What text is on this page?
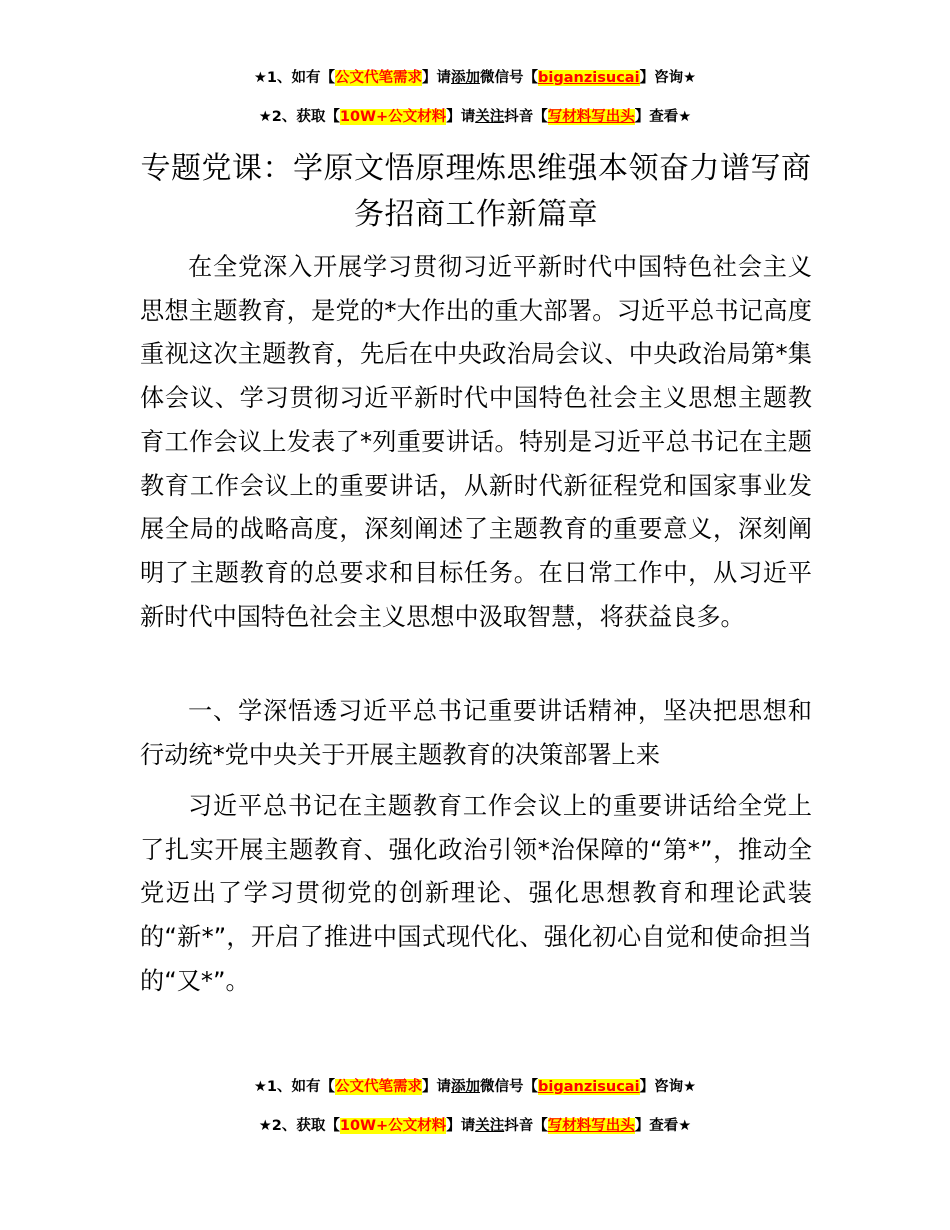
★1、如有【公文代笔需求】请添加微信号【biganzisucai】咨询★
★2、获取【10W+公文材料】请关注抖音【写材料写出头】查看★
专题党课：学原文悟原理炼思维强本领奋力谱写商务招商工作新篇章

在全党深入开展学习贯彻习近平新时代中国特色社会主义思想主题教育，是党的*大作出的重大部署。习近平总书记高度重视这次主题教育，先后在中央政治局会议、中央政治局第*集体会议、学习贯彻习近平新时代中国特色社会主义思想主题教育工作会议上发表了*列重要讲话。特别是习近平总书记在主题教育工作会议上的重要讲话，从新时代新征程党和国家事业发展全局的战略高度，深刻阐述了主题教育的重要意义，深刻阐明了主题教育的总要求和目标任务。在日常工作中，从习近平新时代中国特色社会主义思想中汲取智慧，将获益良多。

一、学深悟透习近平总书记重要讲话精神，坚决把思想和行动统*党中央关于开展主题教育的决策部署上来

习近平总书记在主题教育工作会议上的重要讲话给全党上了扎实开展主题教育、强化政治引领*治保障的“第*”，推动全党迈出了学习贯彻党的创新理论、强化思想教育和理论武装的“新*”，开启了推进中国式现代化、强化初心自觉和使命担当的“又*”。

★1、如有【公文代笔需求】请添加微信号【biganzisucai】咨询★
★2、获取【10W+公文材料】请关注抖音【写材料写出头】查看★
